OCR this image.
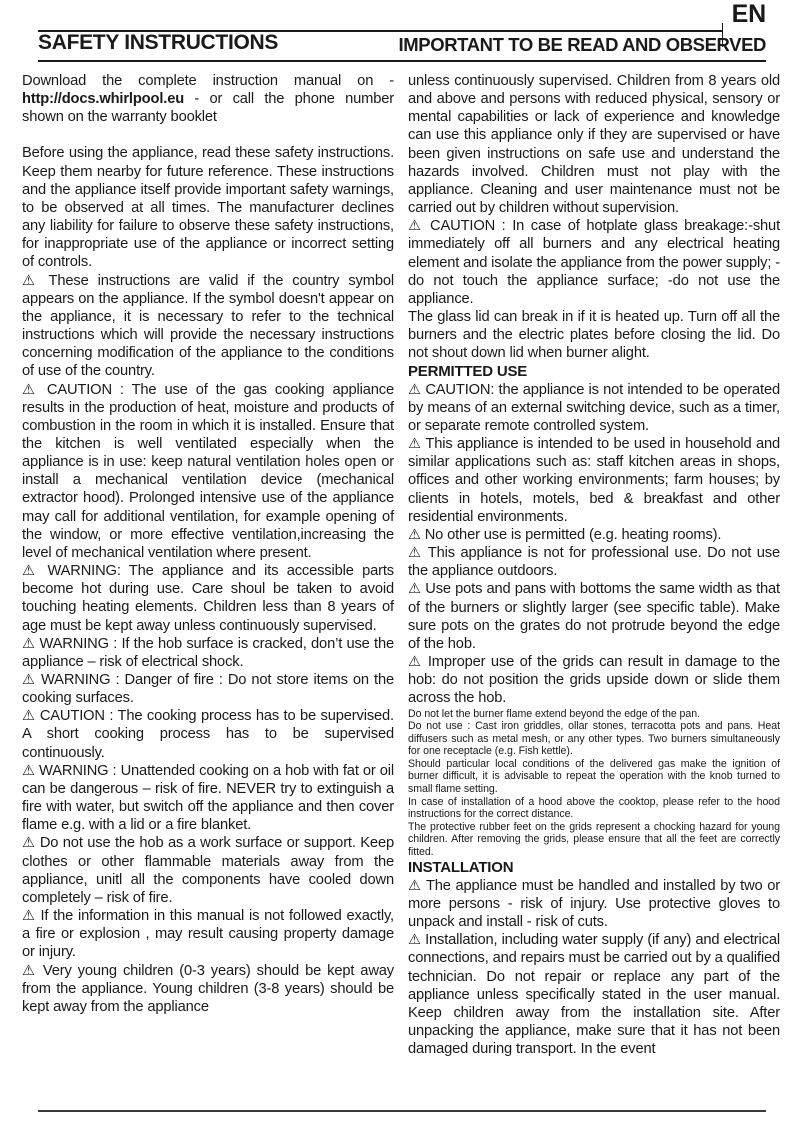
EN
SAFETY INSTRUCTIONS	IMPORTANT TO BE READ AND OBSERVED

Download the complete instruction manual on - http://docs.whirlpool.eu - or call the phone number shown on the warranty booklet

Before using the appliance, read these safety instructions. Keep them nearby for future reference. These instructions and the appliance itself provide important safety warnings, to be observed at all times. The manufacturer declines any liability for failure to observe these safety instructions, for inappropriate use of the appliance or incorrect setting of controls.

⚠ These instructions are valid if the country symbol appears on the appliance. If the symbol doesn't appear on the appliance, it is necessary to refer to the technical instructions which will provide the necessary instructions concerning modification of the appliance to the conditions of use of the country.

⚠ CAUTION : The use of the gas cooking appliance results in the production of heat, moisture and products of combustion in the room in which it is installed. Ensure that the kitchen is well ventilated especially when the appliance is in use: keep natural ventilation holes open or install a mechanical ventilation device (mechanical extractor hood). Prolonged intensive use of the appliance may call for additional ventilation, for example opening of the window, or more effective ventilation,increasing the level of mechanical ventilation where present.

⚠ WARNING: The appliance and its accessible parts become hot during use. Care shoul be taken to avoid touching heating elements. Children less than 8 years of age must be kept away unless continuously supervised.

⚠ WARNING : If the hob surface is cracked, don’t use the appliance – risk of electrical shock.

⚠ WARNING : Danger of fire : Do not store items on the cooking surfaces.

⚠ CAUTION : The cooking process has to be supervised. A short cooking process has to be supervised continuously.

⚠ WARNING : Unattended cooking on a hob with fat or oil can be dangerous – risk of fire. NEVER try to extinguish a fire with water, but switch off the appliance and then cover flame e.g. with a lid or a fire blanket.

⚠ Do not use the hob as a work surface or support. Keep clothes or other flammable materials away from the appliance, unitl all the components have cooled down completely – risk of fire.

⚠ If the information in this manual is not followed exactly, a fire or explosion , may result causing property damage or injury.

⚠ Very young children (0-3 years) should be kept away from the appliance. Young children (3-8 years) should be kept away from the appliance

unless continuously supervised. Children from 8 years old and above and persons with reduced physical, sensory or mental capabilities or lack of experience and knowledge can use this appliance only if they are supervised or have been given instructions on safe use and understand the hazards involved. Children must not play with the appliance. Cleaning and user maintenance must not be carried out by children without supervision.

⚠ CAUTION : In case of hotplate glass breakage:-shut immediately off all burners and any electrical heating element and isolate the appliance from the power supply; - do not touch the appliance surface; -do not use the appliance.

The glass lid can break in if it is heated up. Turn off all the burners and the electric plates before closing the lid. Do not shout down lid when burner alight.

PERMITTED USE

⚠ CAUTION: the appliance is not intended to be operated by means of an external switching device, such as a timer, or separate remote controlled system.

⚠ This appliance is intended to be used in household and similar applications such as: staff kitchen areas in shops, offices and other working environments; farm houses; by clients in hotels, motels, bed & breakfast and other residential environments.

⚠ No other use is permitted (e.g. heating rooms).

⚠ This appliance is not for professional use. Do not use the appliance outdoors.

⚠ Use pots and pans with bottoms the same width as that of the burners or slightly larger (see specific table). Make sure pots on the grates do not protrude beyond the edge of the hob.

⚠ Improper use of the grids can result in damage to the hob: do not position the grids upside down or slide them across the hob.

Do not let the burner flame extend beyond the edge of the pan.

Do not use : Cast iron griddles, ollar stones, terracotta pots and pans. Heat diffusers such as metal mesh, or any other types. Two burners simultaneously for one receptacle (e.g. Fish kettle).

Should particular local conditions of the delivered gas make the ignition of burner difficult, it is advisable to repeat the operation with the knob turned to small flame setting.

In case of installation of a hood above the cooktop, please refer to the hood instructions for the correct distance.

The protective rubber feet on the grids represent a chocking hazard for young children. After removing the grids, please ensure that all the feet are correctly fitted.

INSTALLATION

⚠ The appliance must be handled and installed by two or more persons - risk of injury. Use protective gloves to unpack and install - risk of cuts.

⚠ Installation, including water supply (if any) and electrical connections, and repairs must be carried out by a qualified technician. Do not repair or replace any part of the appliance unless specifically stated in the user manual. Keep children away from the installation site. After unpacking the appliance, make sure that it has not been damaged during transport. In the event
